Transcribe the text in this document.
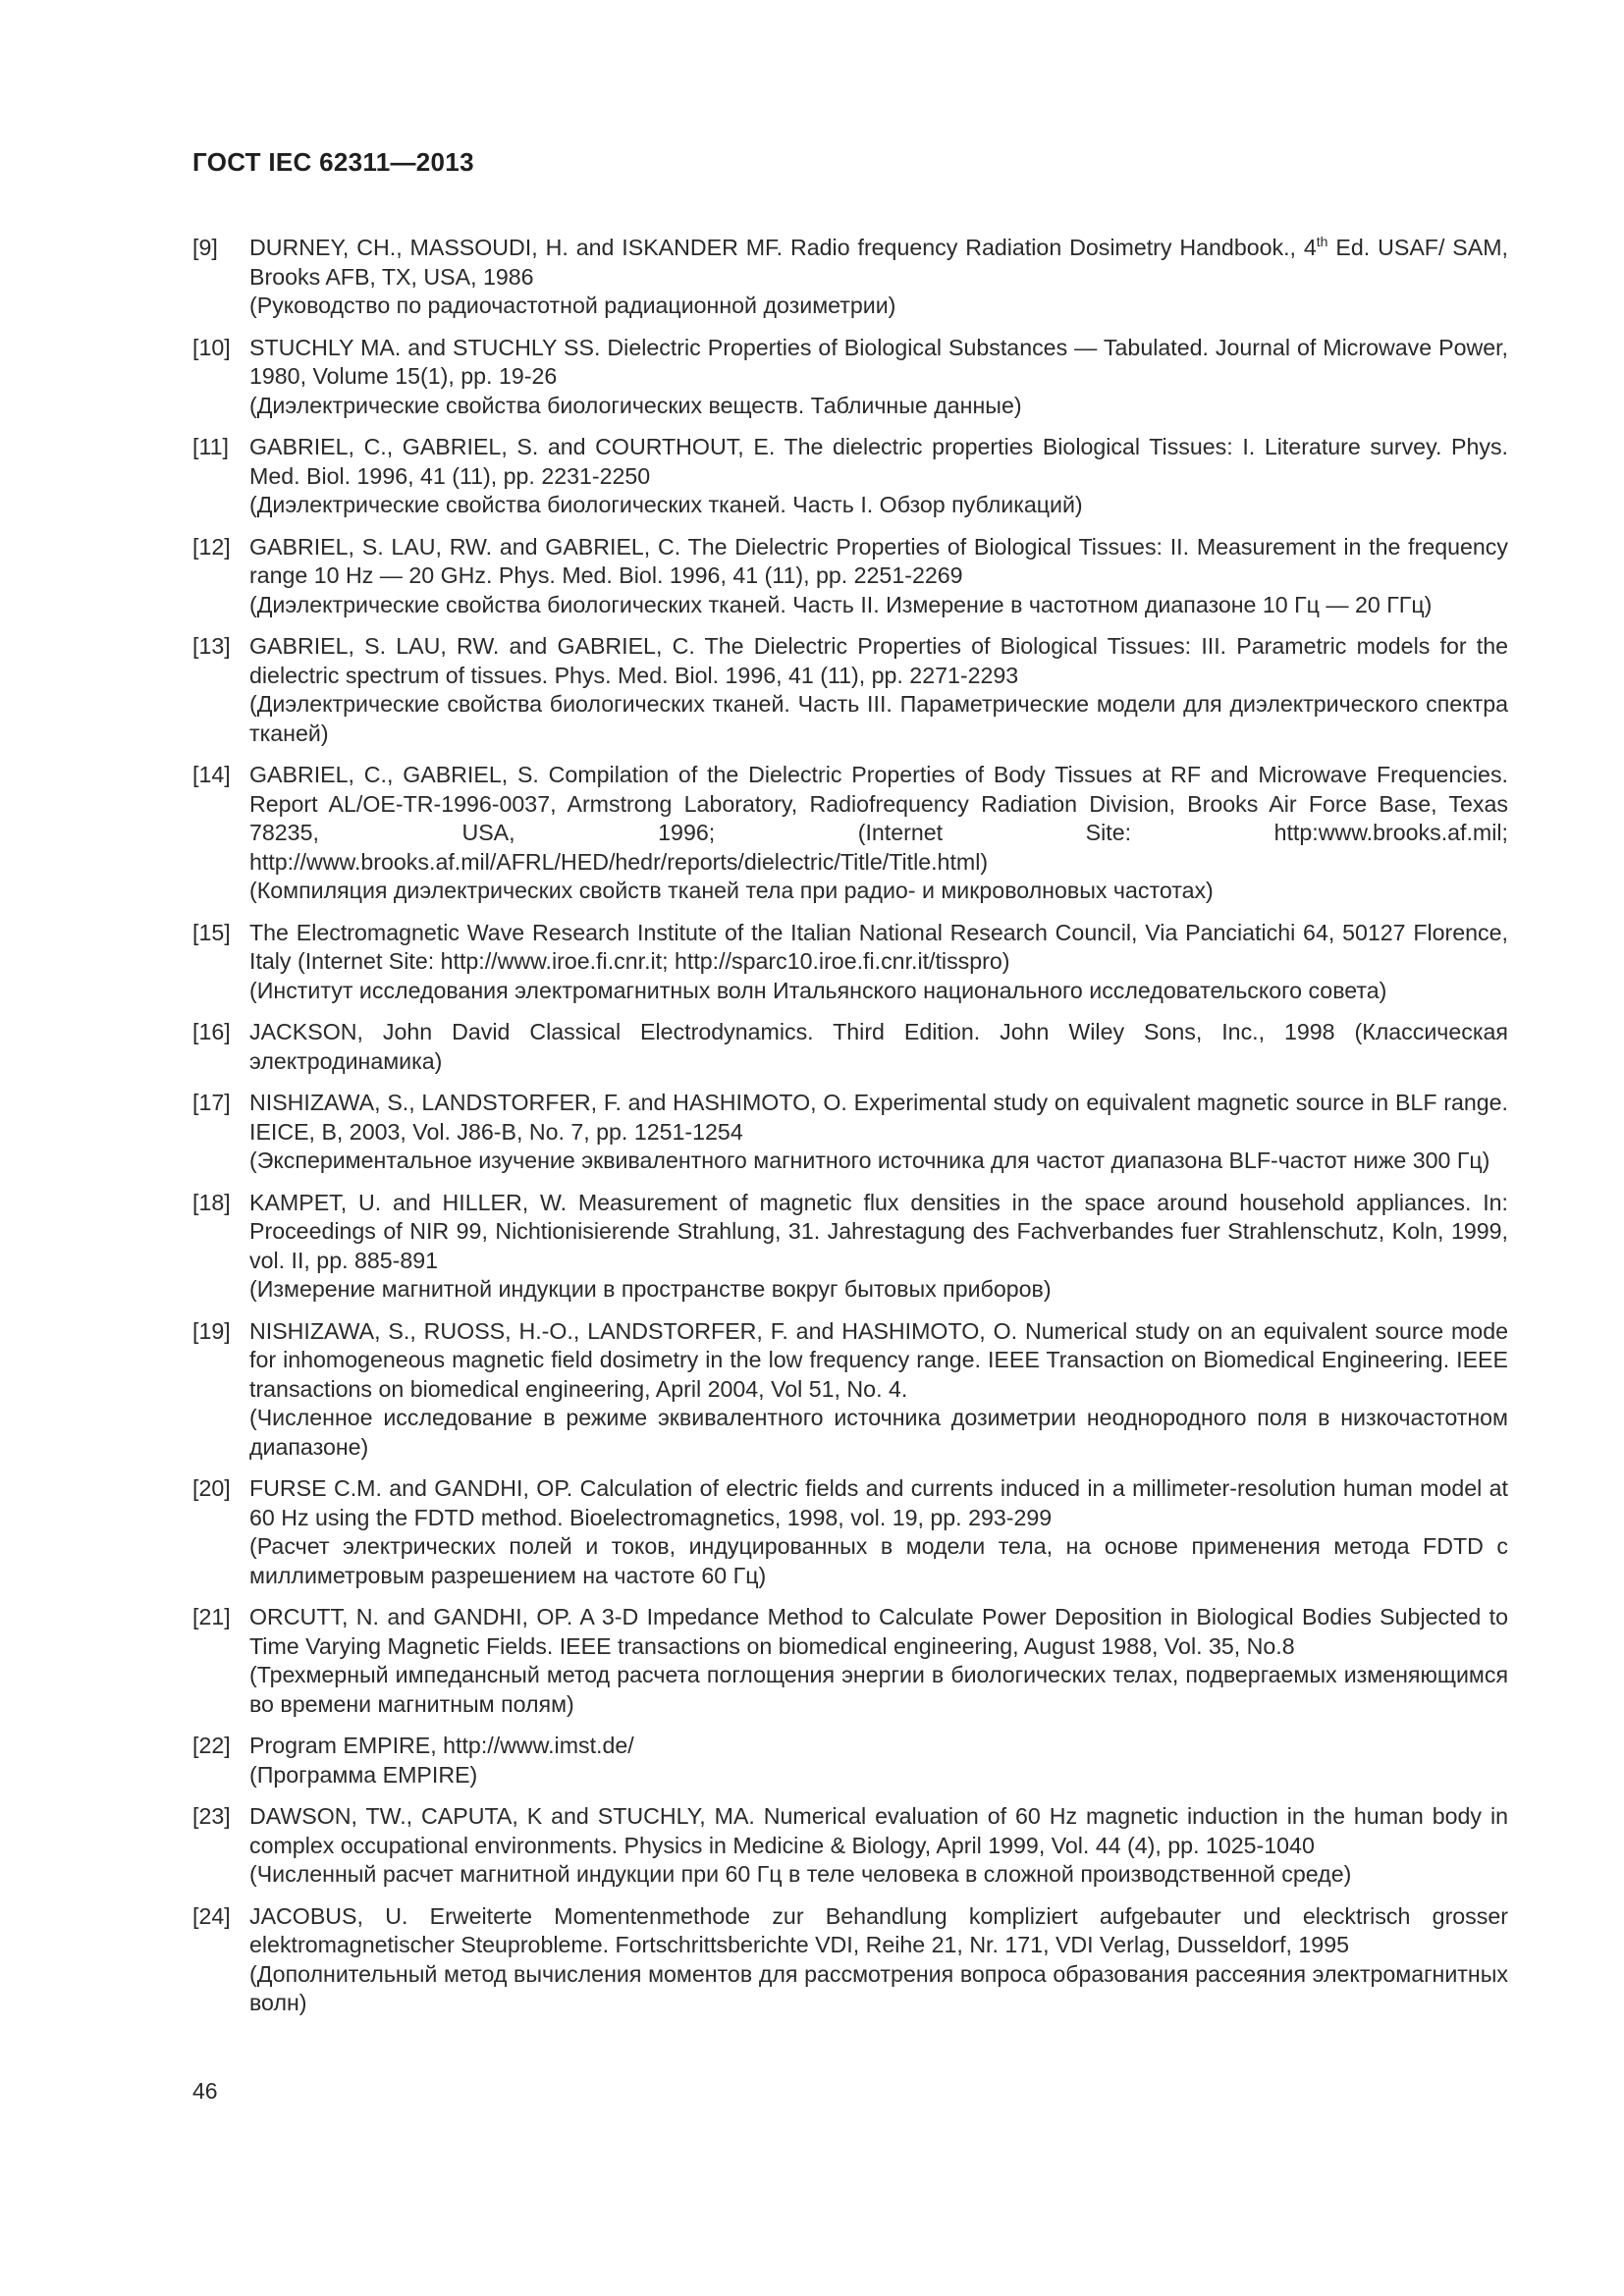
ГОСТ IEC 62311—2013
[9]	DURNEY, CH., MASSOUDI, H. and ISKANDER MF. Radio frequency Radiation Dosimetry Handbook., 4th Ed. USAF/ SAM, Brooks AFB, TX, USA, 1986
(Руководство по радиочастотной радиационной дозиметрии)
[10] STUCHLY MA. and STUCHLY SS. Dielectric Properties of Biological Substances — Tabulated. Journal of Microwave Power, 1980, Volume 15(1), pp. 19-26
(Диэлектрические свойства биологических веществ. Табличные данные)
[11] GABRIEL, C., GABRIEL, S. and COURTHOUT, E. The dielectric properties Biological Tissues: I. Literature survey. Phys. Med. Biol. 1996, 41 (11), pp. 2231-2250
(Диэлектрические свойства биологических тканей. Часть I. Обзор публикаций)
[12] GABRIEL, S. LAU, RW. and GABRIEL, C. The Dielectric Properties of Biological Tissues: II. Measurement in the frequency range 10 Hz — 20 GHz. Phys. Med. Biol. 1996, 41 (11), pp. 2251-2269
(Диэлектрические свойства биологических тканей. Часть II. Измерение в частотном диапазоне 10 Гц — 20 ГГц)
[13] GABRIEL, S. LAU, RW. and GABRIEL, C. The Dielectric Properties of Biological Tissues: III. Parametric models for the dielectric spectrum of tissues. Phys. Med. Biol. 1996, 41 (11), pp. 2271-2293
(Диэлектрические свойства биологических тканей. Часть III. Параметрические модели для диэлектрического спектра тканей)
[14] GABRIEL, C., GABRIEL, S. Compilation of the Dielectric Properties of Body Tissues at RF and Microwave Frequencies. Report AL/OE-TR-1996-0037, Armstrong Laboratory, Radiofrequency Radiation Division, Brooks Air Force Base, Texas 78235, USA, 1996; (Internet Site: http:www.brooks.af.mil; http://www.brooks.af.mil/AFRL/HED/hedr/reports/dielectric/Title/Title.html)
(Компиляция диэлектрических свойств тканей тела при радио- и микроволновых частотах)
[15] The Electromagnetic Wave Research Institute of the Italian National Research Council, Via Panciatichi 64, 50127 Florence, Italy (Internet Site: http://www.iroe.fi.cnr.it; http://sparc10.iroe.fi.cnr.it/tisspro)
(Институт исследования электромагнитных волн Итальянского национального исследовательского совета)
[16] JACKSON, John David Classical Electrodynamics. Third Edition. John Wiley Sons, Inc., 1998 (Классическая электродинамика)
[17] NISHIZAWA, S., LANDSTORFER, F. and HASHIMOTO, O. Experimental study on equivalent magnetic source in BLF range. IEICE, B, 2003, Vol. J86-B, No. 7, pp. 1251-1254
(Экспериментальное изучение эквивалентного магнитного источника для частот диапазона BLF-частот ниже 300 Гц)
[18] KAMPET, U. and HILLER, W. Measurement of magnetic flux densities in the space around household appliances. In: Proceedings of NIR 99, Nichtionisierende Strahlung, 31. Jahrestagung des Fachverbandes fuer Strahlenschutz, Koln, 1999, vol. II, pp. 885-891
(Измерение магнитной индукции в пространстве вокруг бытовых приборов)
[19] NISHIZAWA, S., RUOSS, H.-O., LANDSTORFER, F. and HASHIMOTO, O. Numerical study on an equivalent source mode for inhomogeneous magnetic field dosimetry in the low frequency range. IEEE Transaction on Biomedical Engineering. IEEE transactions on biomedical engineering, April 2004, Vol 51, No. 4.
(Численное исследование в режиме эквивалентного источника дозиметрии неоднородного поля в низкочастотном диапазоне)
[20] FURSE C.M. and GANDHI, OP. Calculation of electric fields and currents induced in a millimeter-resolution human model at 60 Hz using the FDTD method. Bioelectromagnetics, 1998, vol. 19, pp. 293-299
(Расчет электрических полей и токов, индуцированных в модели тела, на основе применения метода FDTD с миллиметровым разрешением на частоте 60 Гц)
[21] ORCUTT, N. and GANDHI, OP. A 3-D Impedance Method to Calculate Power Deposition in Biological Bodies Subjected to Time Varying Magnetic Fields. IEEE transactions on biomedical engineering, August 1988, Vol. 35, No.8
(Трехмерный импедансный метод расчета поглощения энергии в биологических телах, подвергаемых изменяющимся во времени магнитным полям)
[22] Program EMPIRE, http://www.imst.de/
(Программа EMPIRE)
[23] DAWSON, TW., CAPUTA, K and STUCHLY, MA. Numerical evaluation of 60 Hz magnetic induction in the human body in complex occupational environments. Physics in Medicine & Biology, April 1999, Vol. 44 (4), pp. 1025-1040
(Численный расчет магнитной индукции при 60 Гц в теле человека в сложной производственной среде)
[24] JACOBUS, U. Erweiterte Momentenmethode zur Behandlung kompliziert aufgebauter und elecktrisch grosser elektromagnetischer Steuprobleme. Fortschrittsberichte VDI, Reihe 21, Nr. 171, VDI Verlag, Dusseldorf, 1995
(Дополнительный метод вычисления моментов для рассмотрения вопроса образования рассеяния электромагнитных волн)
46
